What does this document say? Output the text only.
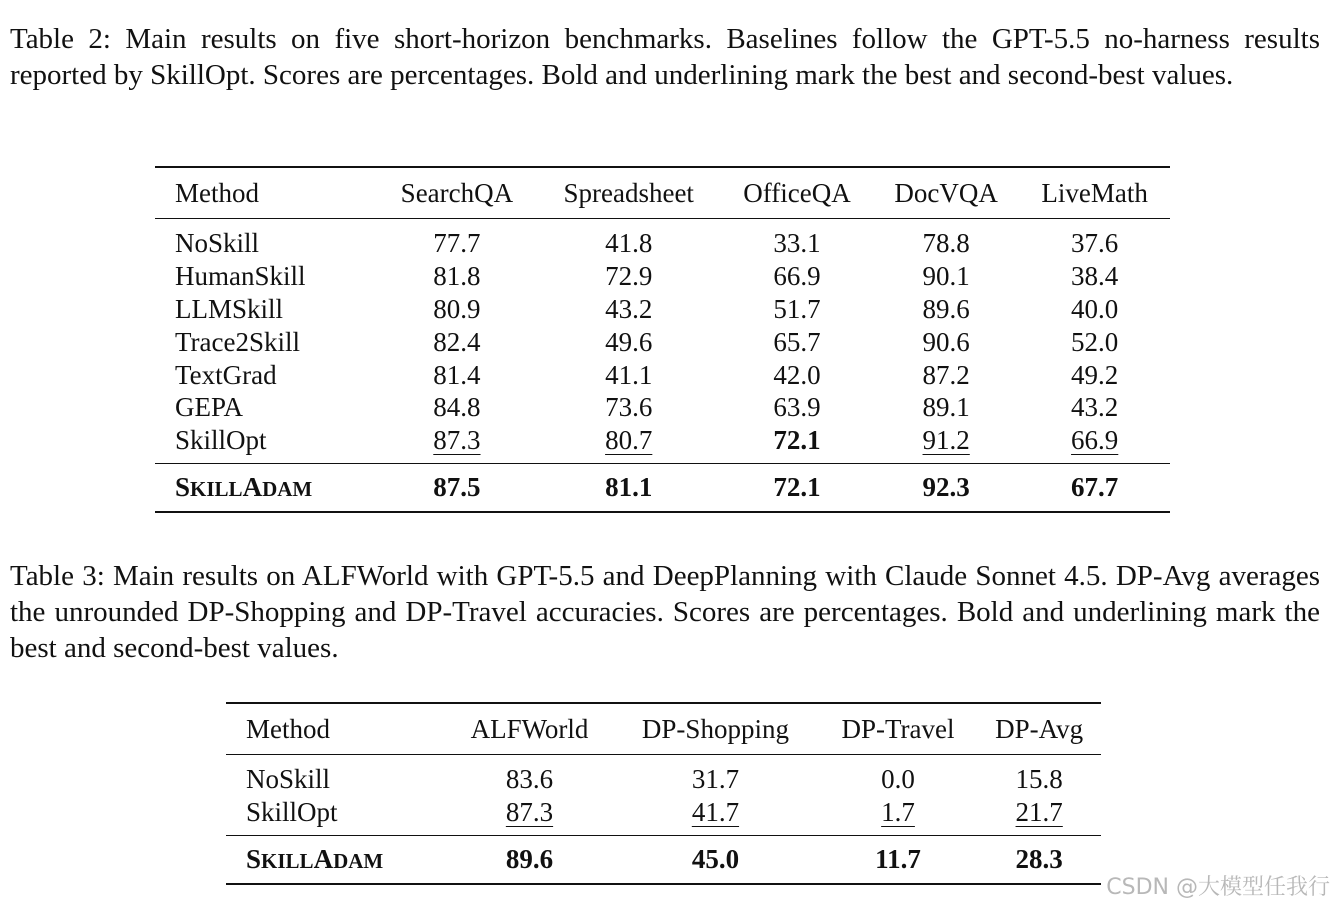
Table 2: Main results on five short-horizon benchmarks. Baselines follow the GPT-5.5 no-harness results reported by SkillOpt. Scores are percentages. Bold and underlining mark the best and second-best values.
Method	SearchQA	Spreadsheet	OfficeQA	DocVQA	LiveMath
NoSkill	77.7	41.8	33.1	78.8	37.6
HumanSkill	81.8	72.9	66.9	90.1	38.4
LLMSkill	80.9	43.2	51.7	89.6	40.0
Trace2Skill	82.4	49.6	65.7	90.6	52.0
TextGrad	81.4	41.1	42.0	87.2	49.2
GEPA	84.8	73.6	63.9	89.1	43.2
SkillOpt	87.3	80.7	72.1	91.2	66.9
SKILLADAM	87.5	81.1	72.1	92.3	67.7
Table 3: Main results on ALFWorld with GPT-5.5 and DeepPlanning with Claude Sonnet 4.5. DP-Avg averages the unrounded DP-Shopping and DP-Travel accuracies. Scores are percentages. Bold and underlining mark the best and second-best values.
Method	ALFWorld	DP-Shopping	DP-Travel	DP-Avg
NoSkill	83.6	31.7	0.0	15.8
SkillOpt	87.3	41.7	1.7	21.7
SKILLADAM	89.6	45.0	11.7	28.3
CSDN @大模型任我行
